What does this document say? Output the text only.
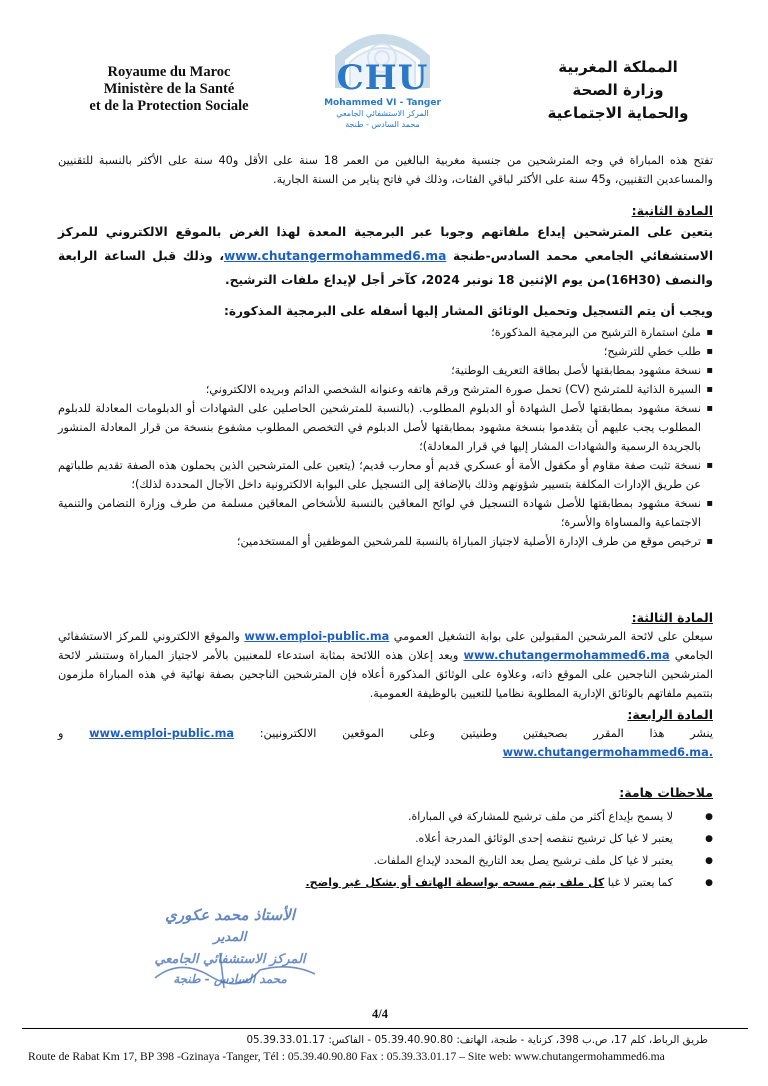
Royaume du Maroc
Ministère de la Santé
et de la Protection Sociale
CHU
Mohammed VI - Tanger
المركز الاستشفائي الجامعي
محمد السادس - طنجة
المملكة المغربية
وزارة الصحة
والحماية الاجتماعية
تفتح هذه المباراة في وجه المترشحين من جنسية مغربية البالغين من العمر 18 سنة على الأقل و40 سنة على الأكثر بالنسبة للتقنيين والمساعدين التقنيين، و45 سنة على الأكثر لباقي الفئات، وذلك في فاتح يناير من السنة الجارية.
المادة الثانية:
يتعين على المترشحين إيداع ملفاتهم وجوبا عبر البرمجية المعدة لهذا الغرض بالموقع الالكتروني للمركز الاستشفائي الجامعي محمد السادس-طنجة www.chutangermohammed6.ma، وذلك قبل الساعة الرابعة والنصف (16H30)من يوم الإثنين 18 نونبر 2024، كآخر أجل لإيداع ملفات الترشيح.
ويجب أن يتم التسجيل وتحميل الوثائق المشار إليها أسفله على البرمجية المذكورة:
▪ ملئ استمارة الترشيح من البرمجية المذكورة؛
▪ طلب خطي للترشيح؛
▪ نسخة مشهود بمطابقتها لأصل بطاقة التعريف الوطنية؛
▪ السيرة الذاتية للمترشح (CV) تحمل صورة المترشح ورقم هاتفه وعنوانه الشخصي الدائم وبريده الالكتروني؛
▪ نسخة مشهود بمطابقتها لأصل الشهادة أو الدبلوم المطلوب. (بالنسبة للمترشحين الحاصلين على الشهادات أو الدبلومات المعادلة للدبلوم المطلوب يجب عليهم أن يتقدموا بنسخة مشهود بمطابقتها لأصل الدبلوم في التخصص المطلوب مشفوع بنسخة من قرار المعادلة المنشور بالجريدة الرسمية والشهادات المشار إليها في قرار المعادلة)؛
▪ نسخة تثبت صفة مقاوم أو مكفول الأمة أو عسكري قديم أو محارب قديم؛ (يتعين على المترشحين الذين يحملون هذه الصفة تقديم طلباتهم عن طريق الإدارات المكلفة بتسيير شؤونهم وذلك بالإضافة إلى التسجيل على البوابة الالكترونية داخل الآجال المحددة لذلك)؛
▪ نسخة مشهود بمطابقتها للأصل شهادة التسجيل في لوائح المعاقين بالنسبة للأشخاص المعاقين مسلمة من طرف وزارة التضامن والتنمية الاجتماعية والمساواة والأسرة؛
▪ ترخيص موقع من طرف الإدارة الأصلية لاجتياز المباراة بالنسبة للمرشحين الموظفين أو المستخدمين؛
المادة الثالثة:
سيعلن على لائحة المرشحين المقبولين على بوابة التشغيل العمومي www.emploi-public.ma والموقع الالكتروني للمركز الاستشفائي الجامعي www.chutangermohammed6.ma ويعد إعلان هذه اللائحة بمثابة استدعاء للمعنيين بالأمر لاجتياز المباراة وستنشر لائحة المترشحين الناجحين على الموقع ذاته، وعلاوة على الوثائق المذكورة أعلاه فإن المترشحين الناجحين بصفة نهائية في هذه المباراة ملزمون بتتميم ملفاتهم بالوثائق الإدارية المطلوبة نظاميا للتعيين بالوظيفة العمومية.
المادة الرابعة:
ينشر هذا المقرر بصحيفتين وطنيتين وعلى الموقعين الالكترونيين: www.emploi-public.ma و www.chutangermohammed6.ma.
ملاحظات هامة:
● لا يسمح بإيداع أكثر من ملف ترشيح للمشاركة في المباراة.
● يعتبر لا غيا كل ترشيح تنقصه إحدى الوثائق المدرجة أعلاه.
● يعتبر لا غيا كل ملف ترشيح يصل بعد التاريخ المحدد لإيداع الملفات.
● كما يعتبر لا غيا كل ملف يتم مسحه بواسطة الهاتف أو بشكل غير واضح.
الأستاذ محمد عكوري
المدير
المركز الاستشفائي الجامعي
محمد السادس - طنجة
4/4
طريق الرباط، كلم 17، ص.ب 398، كزناية - طنجة، الهاتف: 05.39.40.90.80 - الفاكس: 05.39.33.01.17
Route de Rabat Km 17, BP 398 -Gzinaya -Tanger, Tél : 05.39.40.90.80 Fax : 05.39.33.01.17 – Site web: www.chutangermohammed6.ma
